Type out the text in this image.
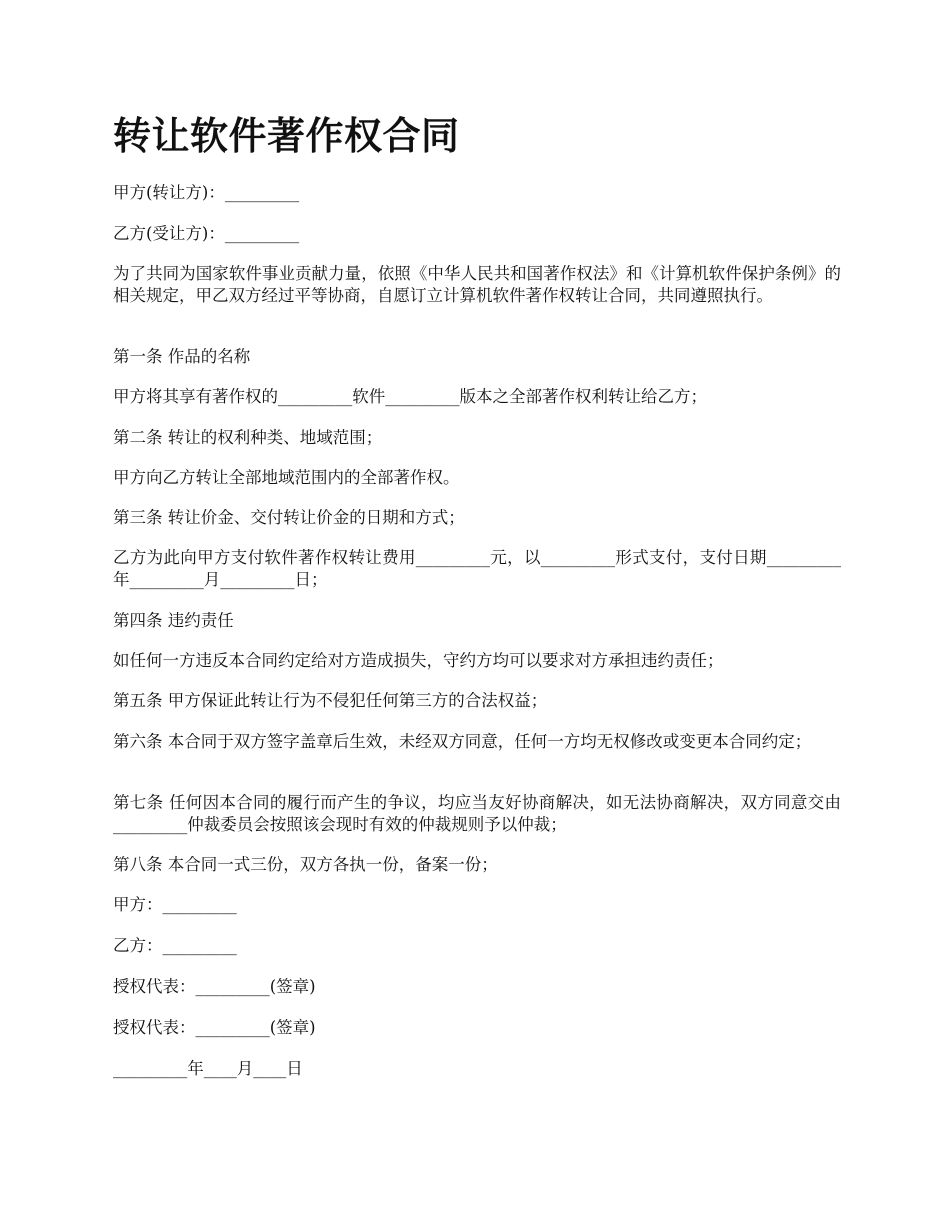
转让软件著作权合同

甲方(转让方)：_________

乙方(受让方)：_________

为了共同为国家软件事业贡献力量，依照《中华人民共和国著作权法》和《计算机软件保护条例》的相关规定，甲乙双方经过平等协商，自愿订立计算机软件著作权转让合同，共同遵照执行。

第一条 作品的名称

甲方将其享有著作权的_________软件_________版本之全部著作权利转让给乙方；

第二条 转让的权利种类、地域范围；

甲方向乙方转让全部地域范围内的全部著作权。

第三条 转让价金、交付转让价金的日期和方式；

乙方为此向甲方支付软件著作权转让费用_________元，以_________形式支付，支付日期_________年_________月_________日；

第四条 违约责任

如任何一方违反本合同约定给对方造成损失，守约方均可以要求对方承担违约责任；

第五条 甲方保证此转让行为不侵犯任何第三方的合法权益；

第六条 本合同于双方签字盖章后生效，未经双方同意，任何一方均无权修改或变更本合同约定；

第七条 任何因本合同的履行而产生的争议，均应当友好协商解决，如无法协商解决，双方同意交由_________仲裁委员会按照该会现时有效的仲裁规则予以仲裁；

第八条 本合同一式三份，双方各执一份，备案一份；

甲方：_________

乙方：_________

授权代表：_________(签章)

授权代表：_________(签章)

_________年____月____日
